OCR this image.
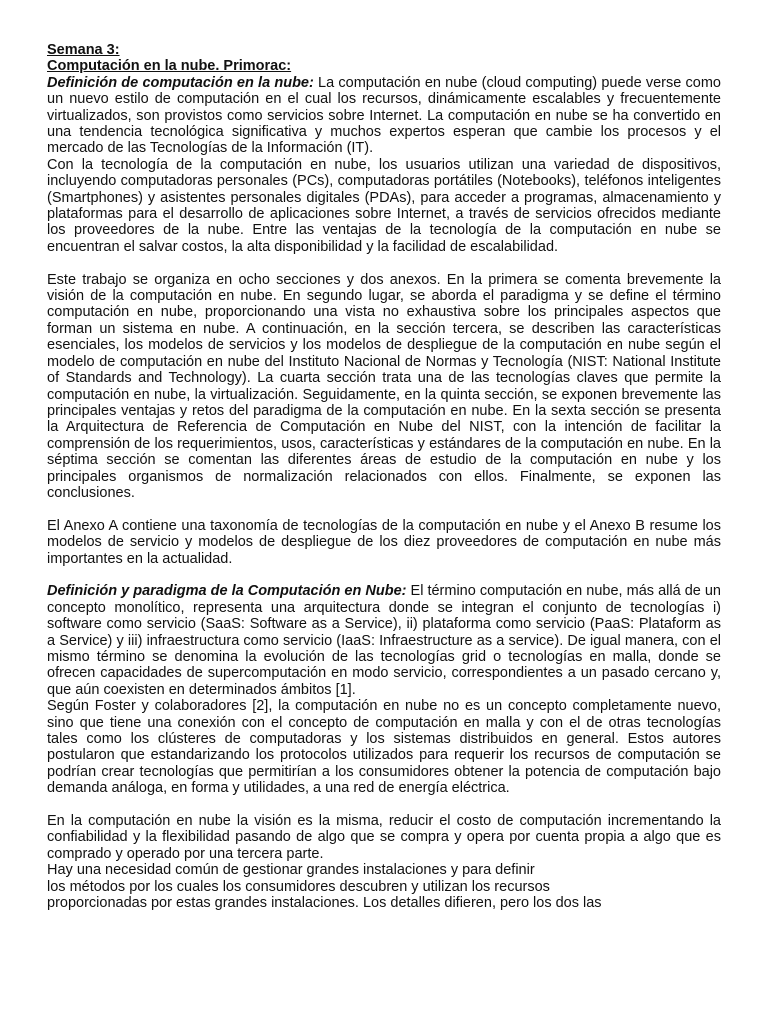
Semana 3:

Computación en la nube. Primorac:

Definición de computación en la nube: La computación en nube (cloud computing) puede verse como un nuevo estilo de computación en el cual los recursos, dinámicamente escalables y frecuentemente virtualizados, son provistos como servicios sobre Internet. La computación en nube se ha convertido en una tendencia tecnológica significativa y muchos expertos esperan que cambie los procesos y el mercado de las Tecnologías de la Información (IT).

Con la tecnología de la computación en nube, los usuarios utilizan una variedad de dispositivos, incluyendo computadoras personales (PCs), computadoras portátiles (Notebooks), teléfonos inteligentes (Smartphones) y asistentes personales digitales (PDAs), para acceder a programas, almacenamiento y plataformas para el desarrollo de aplicaciones sobre Internet, a través de servicios ofrecidos mediante los proveedores de la nube. Entre las ventajas de la tecnología de la computación en nube se encuentran el salvar costos, la alta disponibilidad y la facilidad de escalabilidad.

Este trabajo se organiza en ocho secciones y dos anexos. En la primera se comenta brevemente la visión de la computación en nube. En segundo lugar, se aborda el paradigma y se define el término computación en nube, proporcionando una vista no exhaustiva sobre los principales aspectos que forman un sistema en nube. A continuación, en la sección tercera, se describen las características esenciales, los modelos de servicios y los modelos de despliegue de la computación en nube según el modelo de computación en nube del Instituto Nacional de Normas y Tecnología (NIST: National Institute of Standards and Technology). La cuarta sección trata una de las tecnologías claves que permite la computación en nube, la virtualización. Seguidamente, en la quinta sección, se exponen brevemente las principales ventajas y retos del paradigma de la computación en nube. En la sexta sección se presenta la Arquitectura de Referencia de Computación en Nube del NIST, con la intención de facilitar la comprensión de los requerimientos, usos, características y estándares de la computación en nube. En la séptima sección se comentan las diferentes áreas de estudio de la computación en nube y los principales organismos de normalización relacionados con ellos. Finalmente, se exponen las conclusiones.

El Anexo A contiene una taxonomía de tecnologías de la computación en nube y el Anexo B resume los modelos de servicio y modelos de despliegue de los diez proveedores de computación en nube más importantes en la actualidad.

Definición y paradigma de la Computación en Nube: El término computación en nube, más allá de un concepto monolítico, representa una arquitectura donde se integran el conjunto de tecnologías i) software como servicio (SaaS: Software as a Service), ii) plataforma como servicio (PaaS: Plataform as a Service) y iii) infraestructura como servicio (IaaS: Infraestructure as a service). De igual manera, con el mismo término se denomina la evolución de las tecnologías grid o tecnologías en malla, donde se ofrecen capacidades de supercomputación en modo servicio, correspondientes a un pasado cercano y, que aún coexisten en determinados ámbitos [1].

Según Foster y colaboradores [2], la computación en nube no es un concepto completamente nuevo, sino que tiene una conexión con el concepto de computación en malla y con el de otras tecnologías tales como los clústeres de computadoras y los sistemas distribuidos en general. Estos autores postularon que estandarizando los protocolos utilizados para requerir los recursos de computación se podrían crear tecnologías que permitirían a los consumidores obtener la potencia de computación bajo demanda análoga, en forma y utilidades, a una red de energía eléctrica.

En la computación en nube la visión es la misma, reducir el costo de computación incrementando la confiabilidad y la flexibilidad pasando de algo que se compra y opera por cuenta propia a algo que es comprado y operado por una tercera parte.

Hay una necesidad común de gestionar grandes instalaciones y para definir

los métodos por los cuales los consumidores descubren y utilizan los recursos

proporcionadas por estas grandes instalaciones. Los detalles difieren, pero los dos las
